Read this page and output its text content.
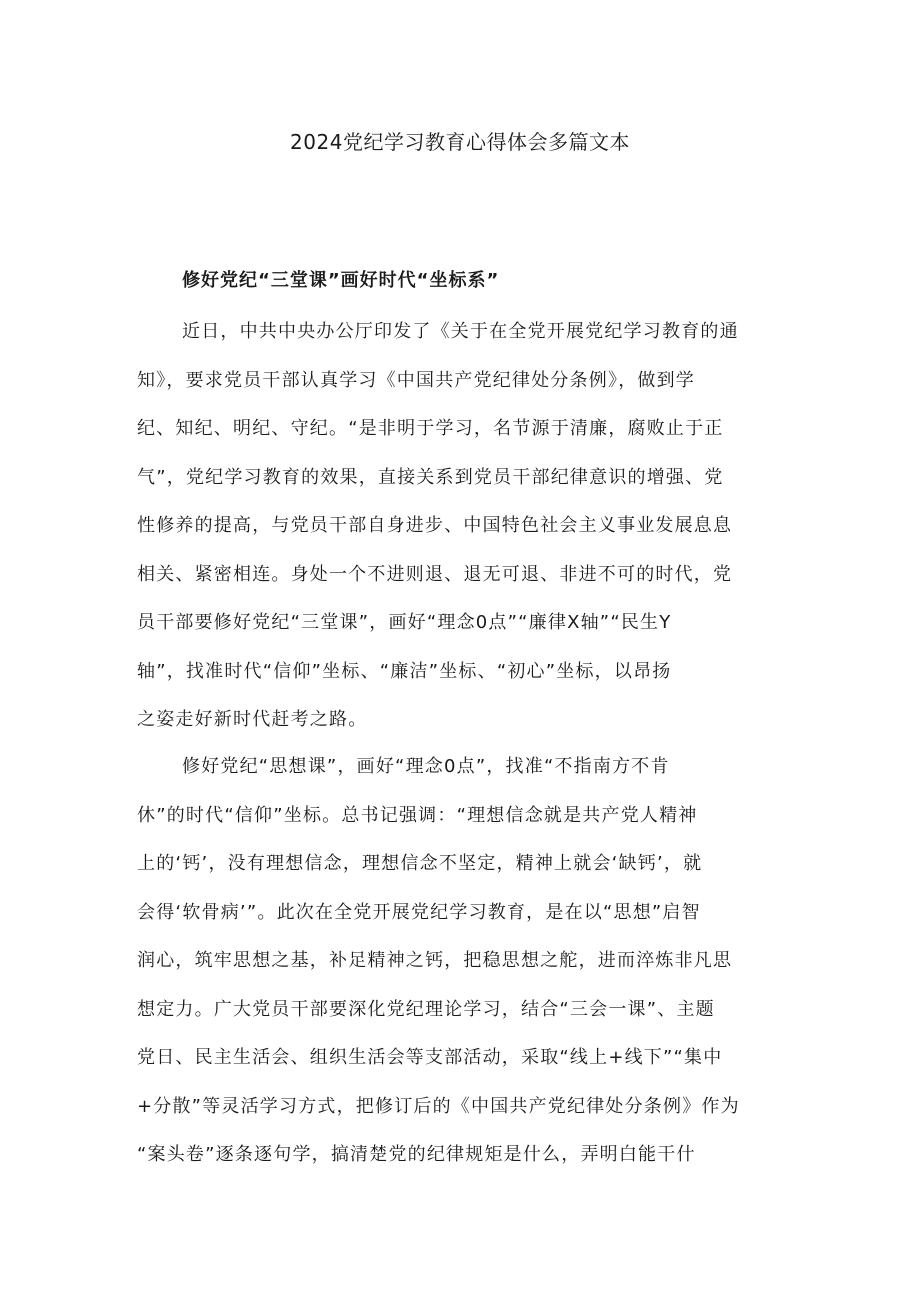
2024党纪学习教育心得体会多篇文本
修好党纪“三堂课”画好时代“坐标系”
近日，中共中央办公厅印发了《关于在全党开展党纪学习教育的通
知》，要求党员干部认真学习《中国共产党纪律处分条例》，做到学
纪、知纪、明纪、守纪。“是非明于学习，名节源于清廉，腐败止于正
气”，党纪学习教育的效果，直接关系到党员干部纪律意识的增强、党
性修养的提高，与党员干部自身进步、中国特色社会主义事业发展息息
相关、紧密相连。身处一个不进则退、退无可退、非进不可的时代，党
员干部要修好党纪“三堂课”，画好“理念0点”“廉律X轴”“民生Y
轴”，找准时代“信仰”坐标、“廉洁”坐标、“初心”坐标，以昂扬
之姿走好新时代赶考之路。
修好党纪“思想课”，画好“理念0点”，找准“不指南方不肯
休”的时代“信仰”坐标。总书记强调：“理想信念就是共产党人精神
上的‘钙’，没有理想信念，理想信念不坚定，精神上就会‘缺钙’，就
会得‘软骨病’”。此次在全党开展党纪学习教育，是在以“思想”启智
润心，筑牢思想之基，补足精神之钙，把稳思想之舵，进而淬炼非凡思
想定力。广大党员干部要深化党纪理论学习，结合“三会一课”、主题
党日、民主生活会、组织生活会等支部活动，采取“线上+线下”“集中
+分散”等灵活学习方式，把修订后的《中国共产党纪律处分条例》作为
“案头卷”逐条逐句学，搞清楚党的纪律规矩是什么，弄明白能干什
